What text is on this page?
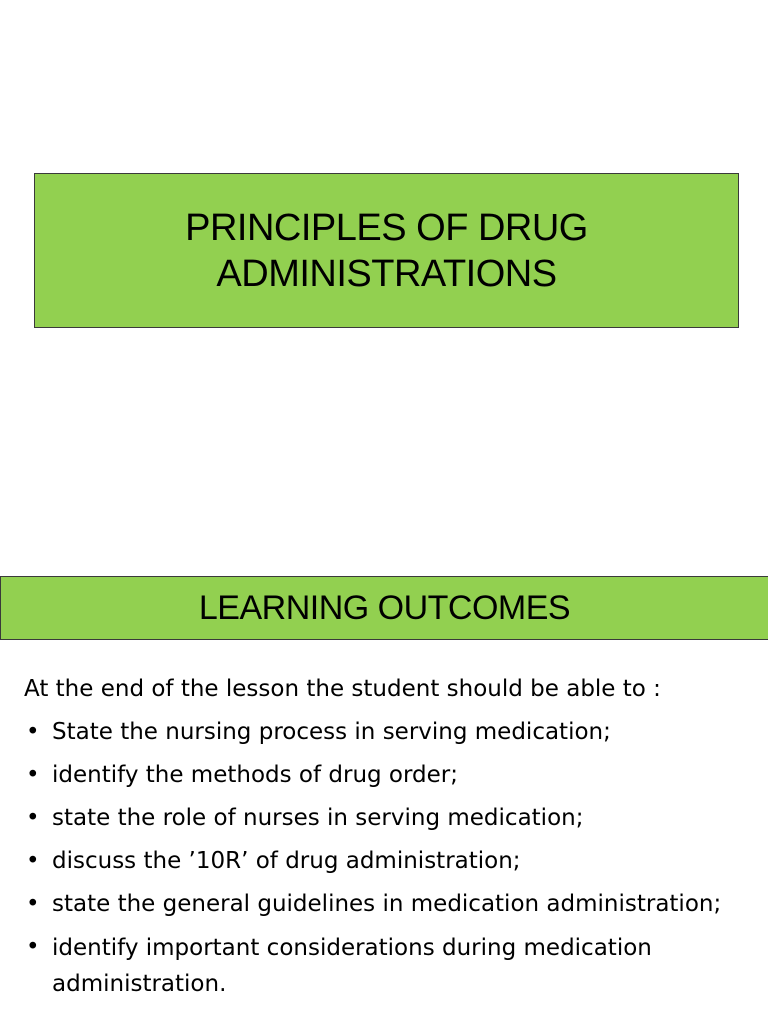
PRINCIPLES OF DRUG
ADMINISTRATIONS
LEARNING OUTCOMES

At the end of the lesson the student should be able to :

• State the nursing process in serving medication;
• identify the methods of drug order;
• state the role of nurses in serving medication;
• discuss the ’10R’ of drug administration;
• state the general guidelines in medication administration;
• identify important considerations during medication administration.
